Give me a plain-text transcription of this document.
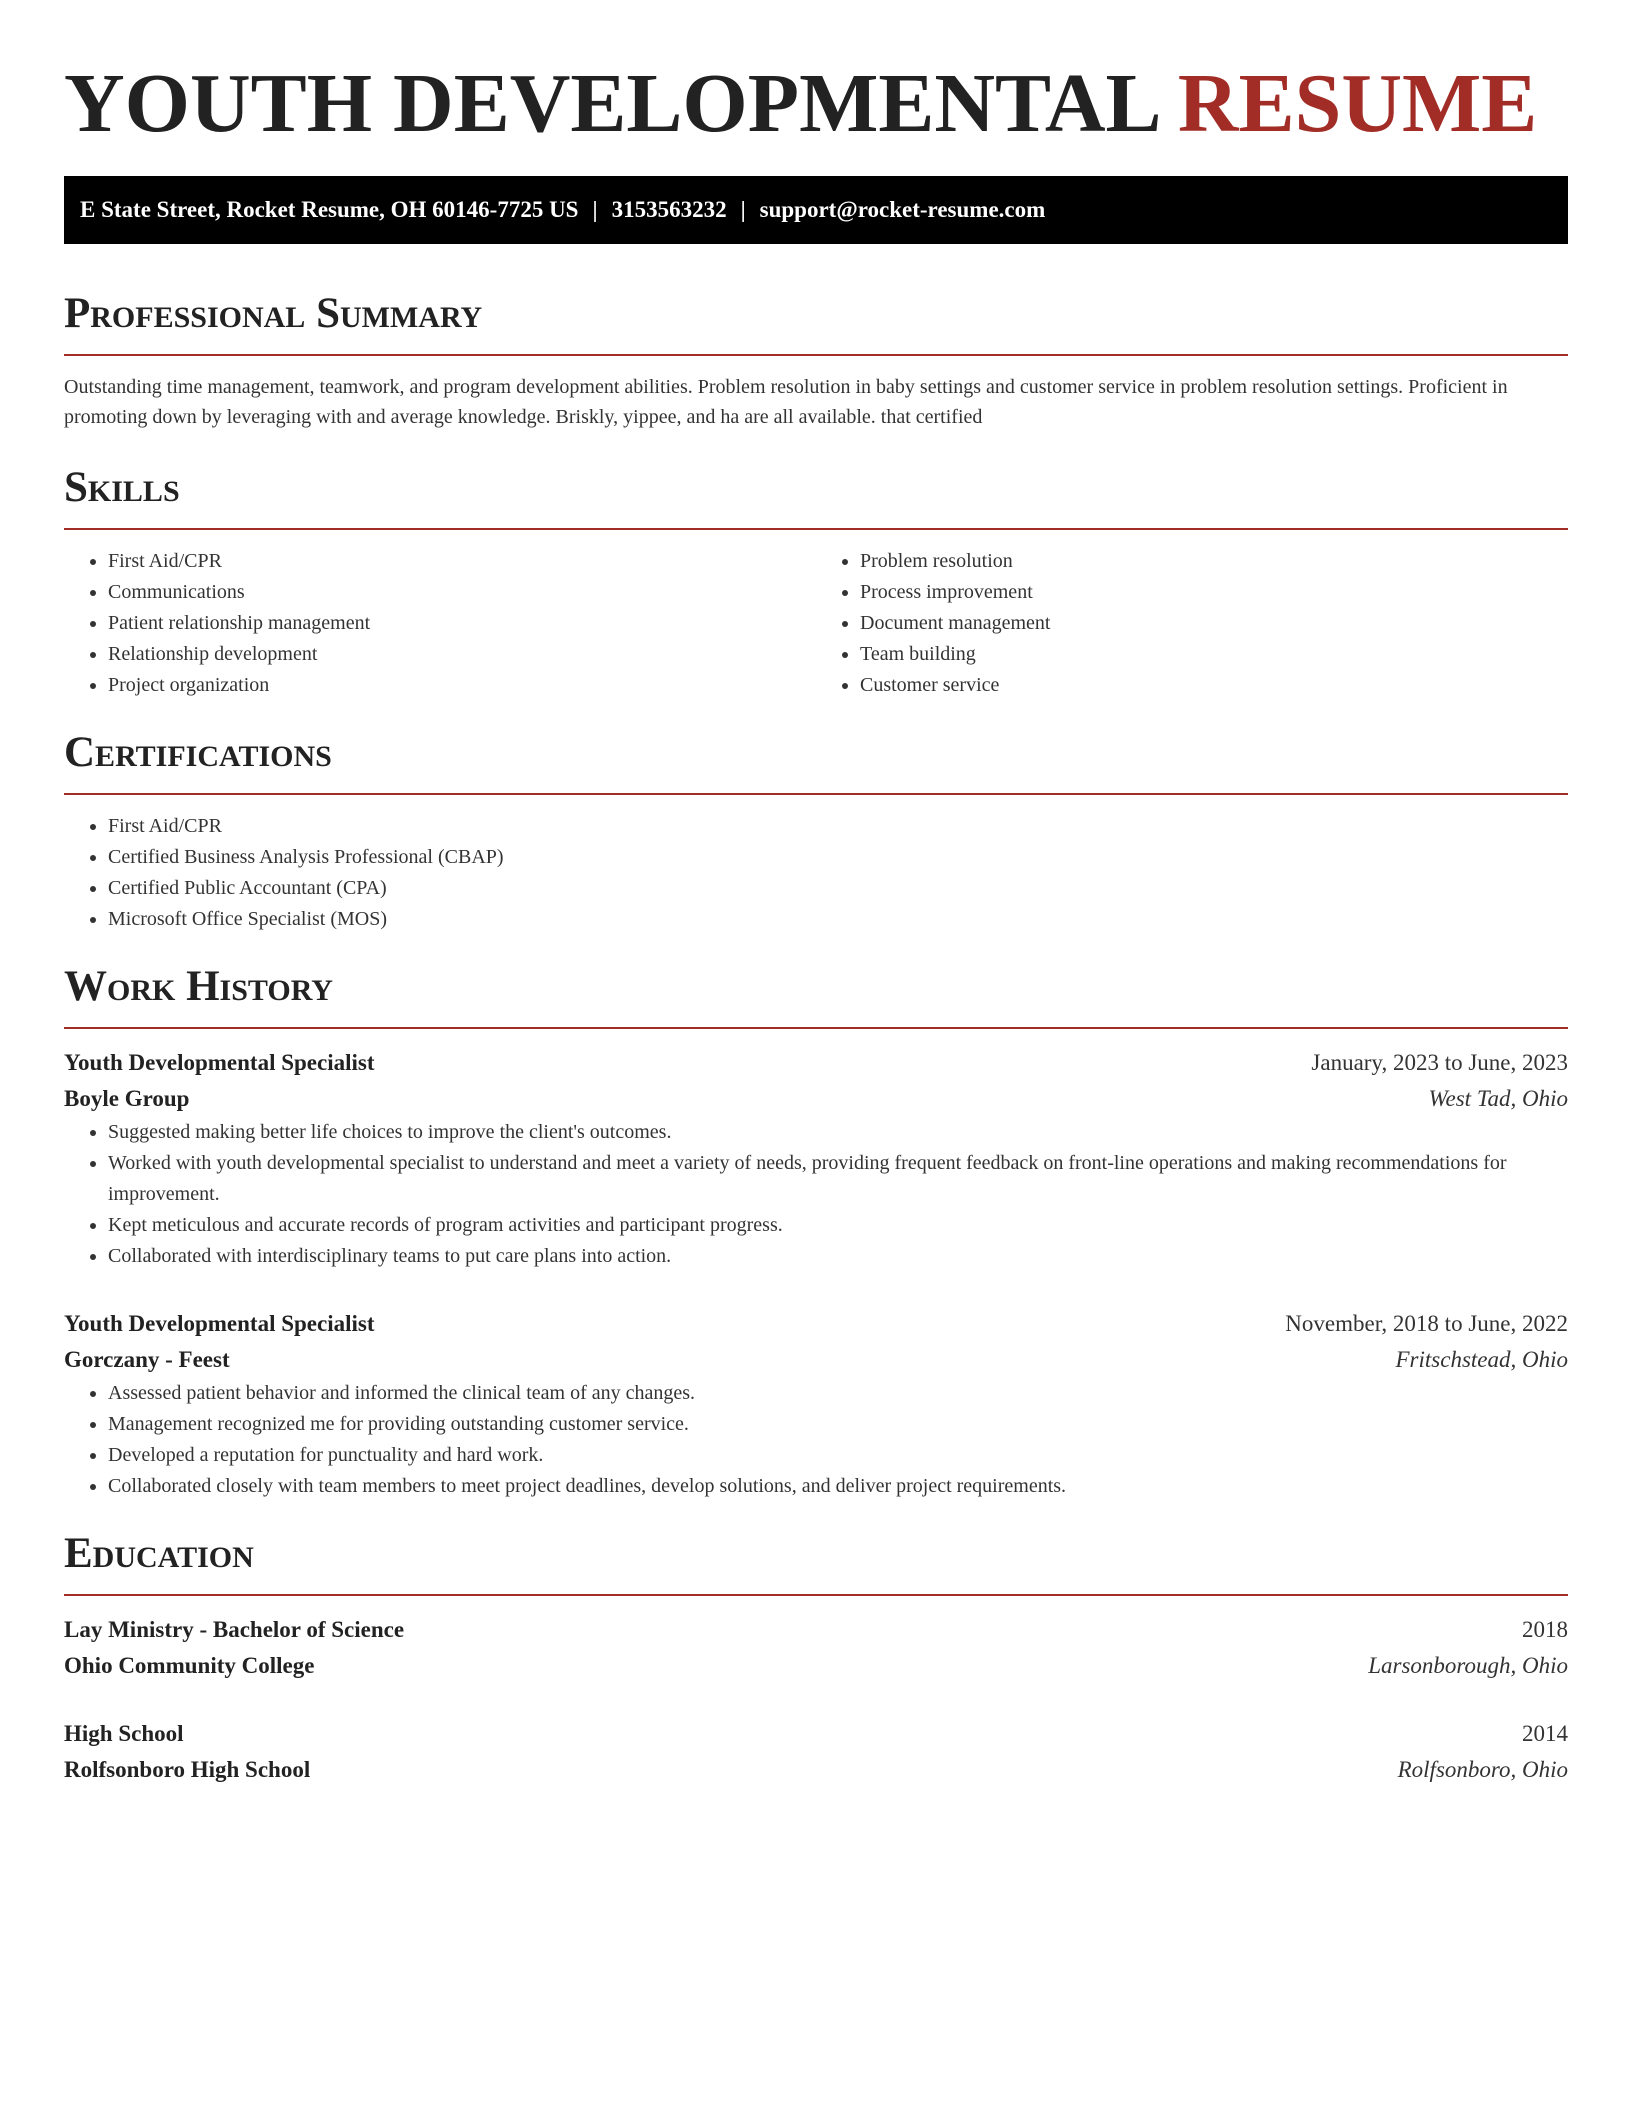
YOUTH DEVELOPMENTAL RESUME
E State Street, Rocket Resume, OH 60146-7725 US | 3153563232 | support@rocket-resume.com
Professional Summary

Outstanding time management, teamwork, and program development abilities. Problem resolution in baby settings and customer service in problem resolution settings. Proficient in promoting down by leveraging with and average knowledge. Briskly, yippee, and ha are all available. that certified

Skills
• First Aid/CPR
• Communications
• Patient relationship management
• Relationship development
• Project organization
• Problem resolution
• Process improvement
• Document management
• Team building
• Customer service
Certifications
• First Aid/CPR
• Certified Business Analysis Professional (CBAP)
• Certified Public Accountant (CPA)
• Microsoft Office Specialist (MOS)
Work History
Youth Developmental Specialist	January, 2023 to June, 2023
Boyle Group	West Tad, Ohio
• Suggested making better life choices to improve the client's outcomes.
• Worked with youth developmental specialist to understand and meet a variety of needs, providing frequent feedback on front-line operations and making recommendations for improvement.
• Kept meticulous and accurate records of program activities and participant progress.
• Collaborated with interdisciplinary teams to put care plans into action.
Youth Developmental Specialist	November, 2018 to June, 2022
Gorczany - Feest	Fritschstead, Ohio
• Assessed patient behavior and informed the clinical team of any changes.
• Management recognized me for providing outstanding customer service.
• Developed a reputation for punctuality and hard work.
• Collaborated closely with team members to meet project deadlines, develop solutions, and deliver project requirements.
Education
Lay Ministry - Bachelor of Science	2018
Ohio Community College	Larsonborough, Ohio
High School	2014
Rolfsonboro High School	Rolfsonboro, Ohio
